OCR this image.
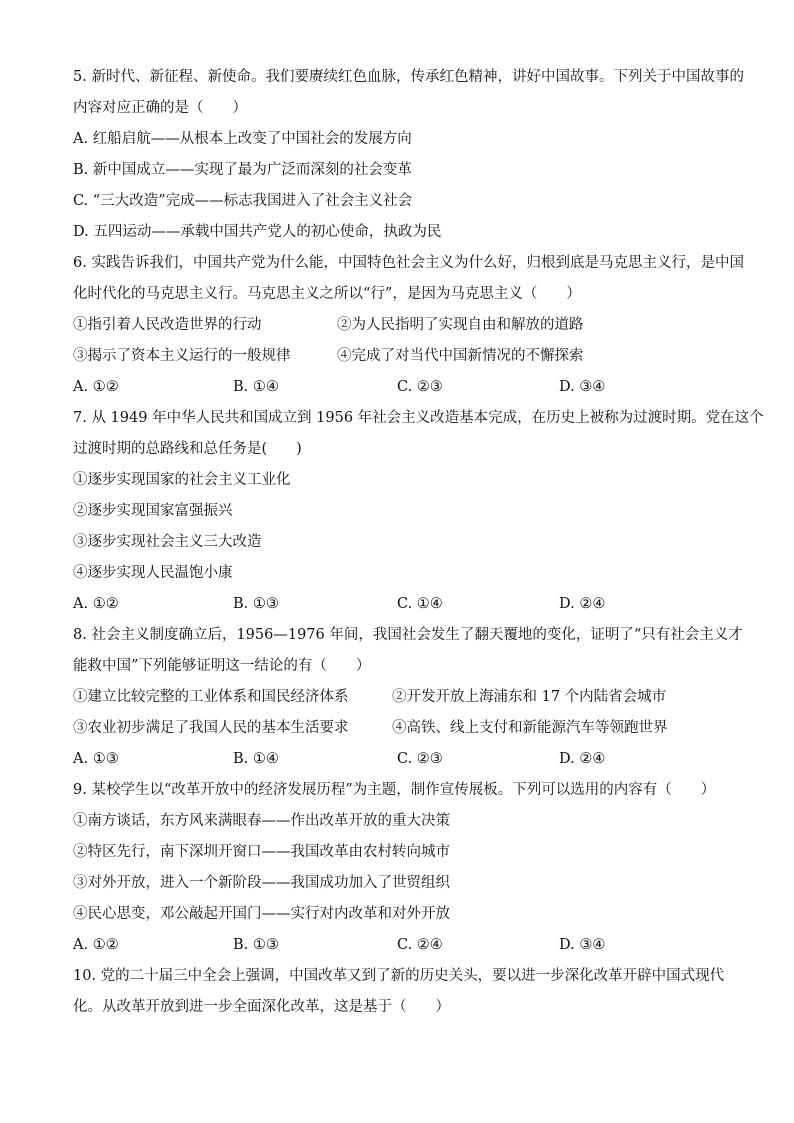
5. 新时代、新征程、新使命。我们要赓续红色血脉，传承红色精神，讲好中国故事。下列关于中国故事的
内容对应正确的是（　　）
A. 红船启航——从根本上改变了中国社会的发展方向
B. 新中国成立——实现了最为广泛而深刻的社会变革
C. “三大改造”完成——标志我国进入了社会主义社会
D. 五四运动——承载中国共产党人的初心使命，执政为民
6. 实践告诉我们，中国共产党为什么能，中国特色社会主义为什么好，归根到底是马克思主义行，是中国
化时代化的马克思主义行。马克思主义之所以“行”，是因为马克思主义（　　）
①指引着人民改造世界的行动	②为人民指明了实现自由和解放的道路
③揭示了资本主义运行的一般规律	④完成了对当代中国新情况的不懈探索
A. ①②	B. ①④	C. ②③	D. ③④
7. 从 1949 年中华人民共和国成立到 1956 年社会主义改造基本完成，在历史上被称为过渡时期。党在这个
过渡时期的总路线和总任务是(　　)
①逐步实现国家的社会主义工业化
②逐步实现国家富强振兴
③逐步实现社会主义三大改造
④逐步实现人民温饱小康
A. ①②	B. ①③	C. ①④	D. ②④
8. 社会主义制度确立后，1956—1976 年间，我国社会发生了翻天覆地的变化，证明了“只有社会主义才
能救中国”下列能够证明这一结论的有（　　）
①建立比较完整的工业体系和国民经济体系	②开发开放上海浦东和 17 个内陆省会城市
③农业初步满足了我国人民的基本生活要求	④高铁、线上支付和新能源汽车等领跑世界
A. ①③	B. ①④	C. ②③	D. ②④
9. 某校学生以“改革开放中的经济发展历程”为主题，制作宣传展板。下列可以选用的内容有（　　）
①南方谈话，东方风来满眼春——作出改革开放的重大决策
②特区先行，南下深圳开窗口——我国改革由农村转向城市
③对外开放，进入一个新阶段——我国成功加入了世贸组织
④民心思变，邓公敲起开国门——实行对内改革和对外开放
A. ①②	B. ①③	C. ②④	D. ③④
10. 党的二十届三中全会上强调，中国改革又到了新的历史关头，要以进一步深化改革开辟中国式现代
化。从改革开放到进一步全面深化改革，这是基于（　　）
